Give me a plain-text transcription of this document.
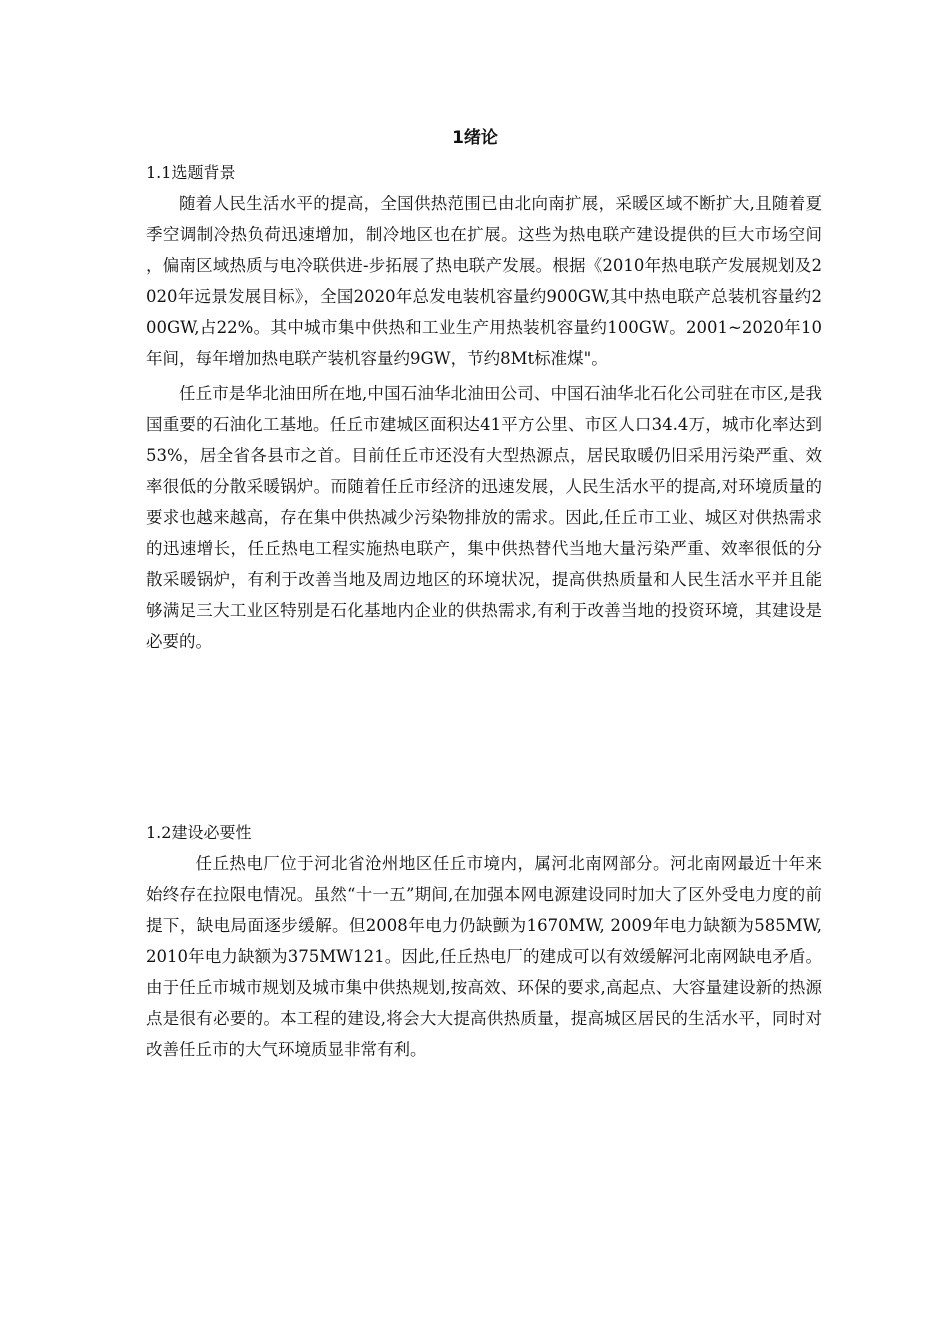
1绪论
1.1选题背景

随着人民生活水平的提高，全国供热范围已由北向南扩展，采暖区域不断扩大,且随着夏季空调制冷热负荷迅速增加，制冷地区也在扩展。这些为热电联产建设提供的巨大市场空间，偏南区域热质与电冷联供进-步拓展了热电联产发展。根据《2010年热电联产发展规划及2020年远景发展目标》，全国2020年总发电装机容量约900GW,其中热电联产总装机容量约200GW,占22%。其中城市集中供热和工业生产用热装机容量约100GW。2001~2020年10年间，每年增加热电联产装机容量约9GW，节约8Mt标准煤"。

任丘市是华北油田所在地,中国石油华北油田公司、中国石油华北石化公司驻在市区,是我国重要的石油化工基地。任丘市建城区面积达41平方公里、市区人口34.4万，城市化率达到53%，居全省各县市之首。目前任丘市还没有大型热源点，居民取暖仍旧采用污染严重、效率很低的分散采暖锅炉。而随着任丘市经济的迅速发展，人民生活水平的提高,对环境质量的要求也越来越高，存在集中供热减少污染物排放的需求。因此,任丘市工业、城区对供热需求的迅速增长，任丘热电工程实施热电联产，集中供热替代当地大量污染严重、效率很低的分散采暖锅炉，有利于改善当地及周边地区的环境状况，提高供热质量和人民生活水平并且能够满足三大工业区特别是石化基地内企业的供热需求,有利于改善当地的投资环境，其建设是必要的。

1.2建设必要性

任丘热电厂位于河北省沧州地区任丘市境内，属河北南网部分。河北南网最近十年来始终存在拉限电情况。虽然“十一五”期间,在加强本网电源建设同时加大了区外受电力度的前提下，缺电局面逐步缓解。但2008年电力仍缺颤为1670MW, 2009年电力缺额为585MW, 2010年电力缺额为375MW121。因此,任丘热电厂的建成可以有效缓解河北南网缺电矛盾。由于任丘市城市规划及城市集中供热规划,按高效、环保的要求,高起点、大容量建设新的热源点是很有必要的。本工程的建设,将会大大提高供热质量，提高城区居民的生活水平，同时对改善任丘市的大气环境质显非常有利。
